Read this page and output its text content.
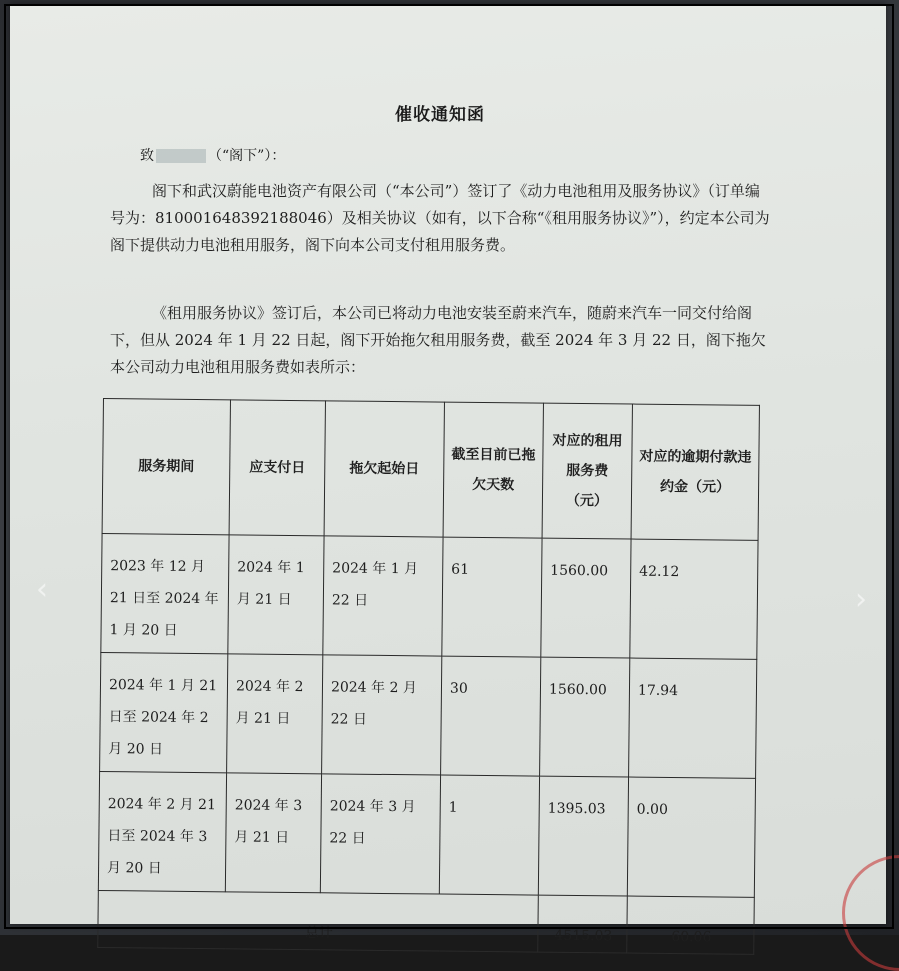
催收通知函
致	（“阁下”）：
阁下和武汉蔚能电池资产有限公司（“本公司”）签订了《动力电池租用及服务协议》（订单编号为：810001648392188046）及相关协议（如有，以下合称“《租用服务协议》”），约定本公司为阁下提供动力电池租用服务，阁下向本公司支付租用服务费。
《租用服务协议》签订后，本公司已将动力电池安装至蔚来汽车，随蔚来汽车一同交付给阁下，但从 2024 年 1 月 22 日起，阁下开始拖欠租用服务费，截至 2024 年 3 月 22 日，阁下拖欠本公司动力电池租用服务费如表所示：
服务期间	应支付日	拖欠起始日	截至目前已拖欠天数	对应的租用服务费（元）	对应的逾期付款违约金（元）
2023 年 12 月 21 日至 2024 年 1 月 20 日	2024 年 1 月 21 日	2024 年 1 月 22 日	61	1560.00	42.12
2024 年 1 月 21 日至 2024 年 2 月 20 日	2024 年 2 月 21 日	2024 年 2 月 22 日	30	1560.00	17.94
2024 年 2 月 21 日至 2024 年 3 月 20 日	2024 年 3 月 21 日	2024 年 3 月 22 日	1	1395.03	0.00
总计				4515.03	60.06
‹	›
